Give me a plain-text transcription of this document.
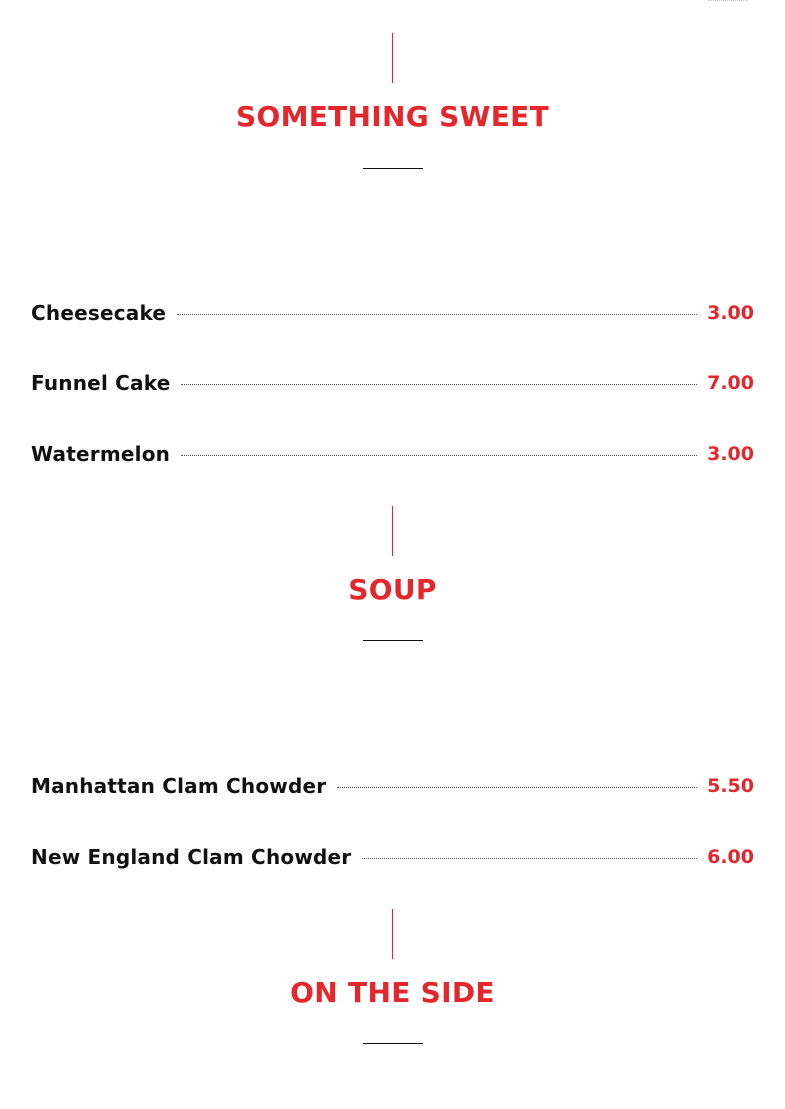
SOMETHING SWEET
Cheesecake	3.00
Funnel Cake	7.00
Watermelon	3.00
SOUP
Manhattan Clam Chowder	5.50
New England Clam Chowder	6.00
ON THE SIDE
